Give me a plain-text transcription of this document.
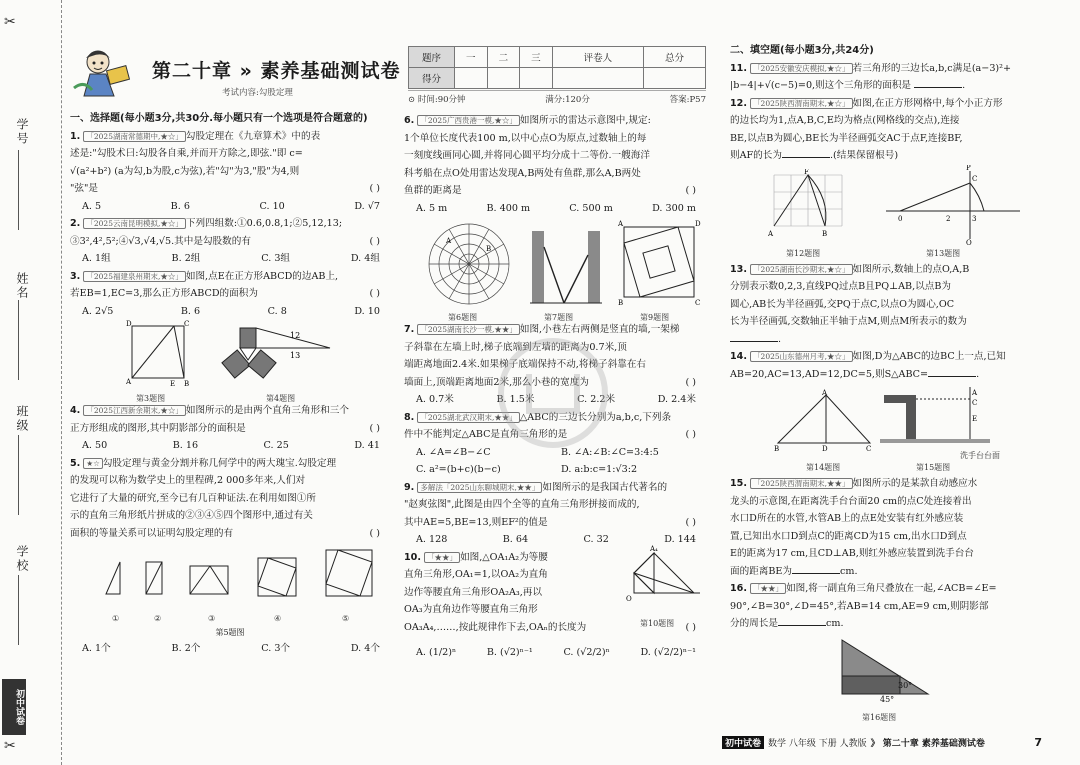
✂
学号
姓名
班级
学校
初中试卷
✂
第二十章 » 素养基础测试卷
考试内容:勾股定理
题序	一	二	三	评卷人	总分
得分					
⊙ 时间:90分钟	满分:120分	答案:P57
一、选择题(每小题3分,共30分.每小题只有一个选项是符合题意的)
1. 「2025湖南常德期中,★☆」 勾股定理在《九章算术》中的表
述是:"勾股术曰:勾股各自乘,并而开方除之,即弦."即 c=
√(a²+b²) (a为勾,b为股,c为弦),若"勾"为3,"股"为4,则
"弦"是	( )
A. 5	B. 6	C. 10	D. √7
2. 「2025云南昆明模拟,★☆」 下列四组数:①0.6,0.8,1;②5,12,13;
③3²,4²,5²;④√3,√4,√5.其中是勾股数的有	( )
A. 1组	B. 2组	C. 3组	D. 4组
3. 「2025福建泉州期末,★☆」 如图,点E在正方形ABCD的边AB上,
若EB=1,EC=3,那么正方形ABCD的面积为	( )
A. 2√5	B. 6	C. 8	D. 10
A	E B
D	C
第3题图
12
13
第4题图
4. 「2025江西新余期末,★☆」 如图所示的是由两个直角三角形和三个
正方形组成的图形,其中阴影部分的面积是	( )
A. 50	B. 16	C. 25	D. 41
5. ★☆ 勾股定理与黄金分割并称几何学中的两大瑰宝.勾股定理
的发现可以称为数学史上的里程碑,2 000多年来,人们对
它进行了大量的研究,至今已有几百种证法.在利用如图①所
示的直角三角形纸片拼成的②③④⑤四个图形中,通过有关
面积的等量关系可以证明勾股定理的有	( )
①	②	③	④	⑤
第5题图
A. 1个	B. 2个	C. 3个	D. 4个
6. 「2025广西贵港一模,★☆」 如图所示的雷达示意图中,规定:
1个单位长度代表100 m,以中心点O为原点,过数轴上的每
一刻度线画同心圆,并将同心圆平均分成十二等份.一艘海洋
科考船在点O处用雷达发现A,B两处有鱼群,那么A,B两处
鱼群的距离是	( )
A. 5 m	B. 400 m	C. 500 m	D. 300 m
A
B
第6题图	第7题图
A	D
B	C
第9题图
7. 「2025湖南长沙一模,★★」 如图,小巷左右两侧是竖直的墙,一架梯
子斜靠在左墙上时,梯子底端到左墙的距离为0.7米,顶
端距离地面2.4米.如果梯子底端保持不动,将梯子斜靠在右
墙面上,顶端距离地面2米,那么小巷的宽度为	( )
A. 0.7米	B. 1.5米	C. 2.2米	D. 2.4米
8. 「2025湖北武汉期末,★★」 △ABC的三边长分别为a,b,c,下列条
件中不能判定△ABC是直角三角形的是	( )
A. ∠A=∠B−∠C	B. ∠A:∠B:∠C=3:4:5
C. a²=(b+c)(b−c)	D. a:b:c=1:√3:2
9. 多解法「2025山东聊城期末,★★」 如图所示的是我国古代著名的
"赵爽弦图",此图是由四个全等的直角三角形拼接而成的,
其中AE=5,BE=13,则EF²的值是	( )
A. 128	B. 64	C. 32	D. 144
10. 「★★」 如图,△OA₁A₂为等腰
直角三角形,OA₁=1,以OA₂为直角
边作等腰直角三角形OA₂A₃,再以
OA₃为直角边作等腰直角三角形
OA₃A₄,……,按此规律作下去,OAₙ的长度为	( )
O
A₄
第10题图
A. (1/2)ⁿ	B. (√2)ⁿ⁻¹	C. (√2/2)ⁿ	D. (√2/2)ⁿ⁻¹
二、填空题(每小题3分,共24分)
11. 「2025安徽安庆模拟,★☆」 若三角形的三边长a,b,c满足(a−3)²+
|b−4|+√(c−5)=0,则这个三角形的面积是	.
12. 「2025陕西渭南期末,★☆」 如图,在正方形网格中,每个小正方形
的边长均为1,点A,B,C,E均为格点(网格线的交点),连接
BE,以点B为圆心,BE长为半径画弧交AC于点F,连接BF,
则AF的长为	.(结果保留根号)
A	B
F
第12题图
0	2	3
P
Q
C
第13题图
13. 「2025湖南长沙期末,★☆」 如图所示,数轴上的点O,A,B
分别表示数0,2,3,直线PQ过点B且PQ⊥AB,以点B为
圆心,AB长为半径画弧,交PQ于点C,以点O为圆心,OC
长为半径画弧,交数轴正半轴于点M,则点M所表示的数为
.
14. 「2025山东德州月考,★☆」 如图,D为△ABC的边BC上一点,已知
AB=20,AC=13,AD=12,DC=5,则S△ABC=	.
B	D	C
A
第14题图
A
C
E
洗手台台面
第15题图
15. 「2025陕西渭南期末,★★」 如图所示的是某款自动感应水
龙头的示意图,在距离洗手台台面20 cm的点C处连接着出
水口D所在的水管,水管AB上的点E处安装有红外感应装
置,已知出水口D到点C的距离CD为15 cm,出水口D到点
E的距离为17 cm,且CD⊥AB,则红外感应装置到洗手台台
面的距离BE为	cm.
16. 「★★」 如图,将一副直角三角尺叠放在一起,∠ACB=∠E=
90°,∠B=30°,∠D=45°,若AB=14 cm,AE=9 cm,则阴影部
分的周长是	cm.
30°
45°
第16题图
初中试卷 数学 八年级 下册 人教版 》 第二十章 素养基础测试卷	7
